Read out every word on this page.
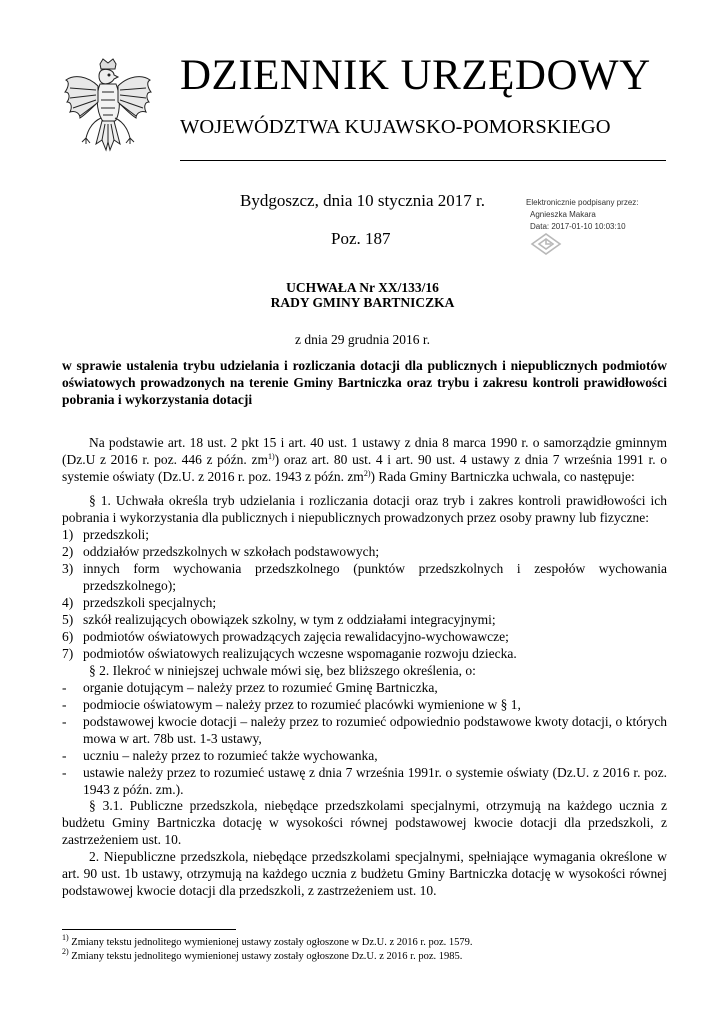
DZIENNIK URZĘDOWY
WOJEWÓDZTWA KUJAWSKO-POMORSKIEGO
Bydgoszcz, dnia 10 stycznia 2017 r.
Poz. 187
Elektronicznie podpisany przez:
Agnieszka Makara
Data: 2017-01-10 10:03:10
UCHWAŁA Nr XX/133/16
RADY GMINY BARTNICZKA
z dnia 29 grudnia 2016 r.
w sprawie ustalenia trybu udzielania i rozliczania dotacji dla publicznych i niepublicznych podmiotów oświatowych prowadzonych na terenie Gminy Bartniczka oraz trybu i zakresu kontroli prawidłowości pobrania i wykorzystania dotacji
Na podstawie art. 18 ust. 2 pkt 15 i art. 40 ust. 1 ustawy z dnia 8 marca 1990 r. o samorządzie gminnym (Dz.U z 2016 r. poz. 446 z późn. $zm^{1)}$) oraz art. 80 ust. 4 i art. 90 ust. 4 ustawy z dnia 7 września 1991 r. o systemie oświaty (Dz.U. z 2016 r. poz. 1943 z późn. $zm^{2)}$) Rada Gminy Bartniczka uchwala, co następuje:
§ 1. Uchwała określa tryb udzielania i rozliczania dotacji oraz tryb i zakres kontroli prawidłowości ich pobrania i wykorzystania dla publicznych i niepublicznych prowadzonych przez osoby prawny lub fizyczne:
1) przedszkoli;
2) oddziałów przedszkolnych w szkołach podstawowych;
3) innych form wychowania przedszkolnego (punktów przedszkolnych i zespołów wychowania przedszkolnego);
4) przedszkoli specjalnych;
5) szkół realizujących obowiązek szkolny, w tym z oddziałami integracyjnymi;
6) podmiotów oświatowych prowadzących zajęcia rewalidacyjno-wychowawcze;
7) podmiotów oświatowych realizujących wczesne wspomaganie rozwoju dziecka.
§ 2. Ilekroć w niniejszej uchwale mówi się, bez bliższego określenia, o:
- organie dotującym – należy przez to rozumieć Gminę Bartniczka,
- podmiocie oświatowym – należy przez to rozumieć placówki wymienione w § 1,
- podstawowej kwocie dotacji – należy przez to rozumieć odpowiednio podstawowe kwoty dotacji, o których mowa w art. 78b ust. 1-3 ustawy,
- uczniu – należy przez to rozumieć także wychowanka,
- ustawie należy przez to rozumieć ustawę z dnia 7 września 1991r. o systemie oświaty (Dz.U. z 2016 r. poz. 1943 z późn. zm.).
§ 3.1. Publiczne przedszkola, niebędące przedszkolami specjalnymi, otrzymują na każdego ucznia z budżetu Gminy Bartniczka dotację w wysokości równej podstawowej kwocie dotacji dla przedszkoli, z zastrzeżeniem ust. 10.
2. Niepubliczne przedszkola, niebędące przedszkolami specjalnymi, spełniające wymagania określone w art. 90 ust. 1b ustawy, otrzymują na każdego ucznia z budżetu Gminy Bartniczka dotację w wysokości równej podstawowej kwocie dotacji dla przedszkoli, z zastrzeżeniem ust. 10.
$^{1)}$ Zmiany tekstu jednolitego wymienionej ustawy zostały ogłoszone w Dz.U. z 2016 r. poz. 1579.
$^{2)}$ Zmiany tekstu jednolitego wymienionej ustawy zostały ogłoszone Dz.U. z 2016 r. poz. 1985.
